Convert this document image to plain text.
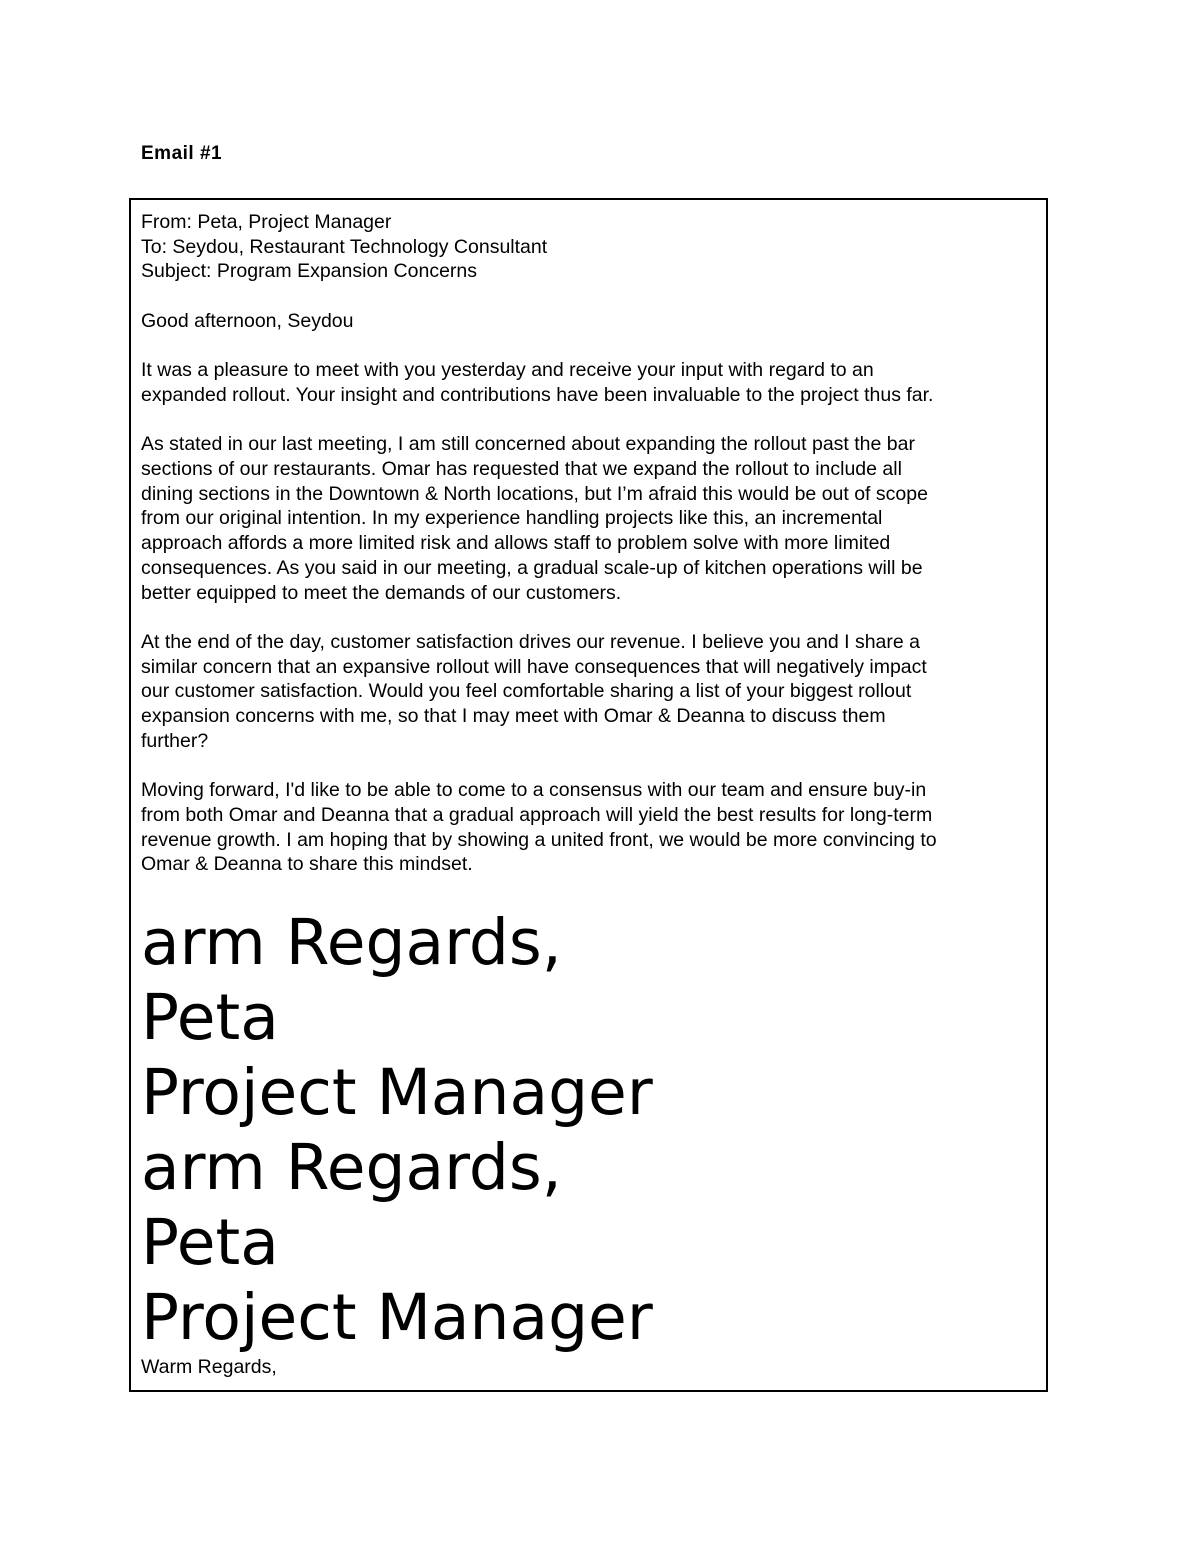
Email #1
From: Peta, Project Manager
To: Seydou, Restaurant Technology Consultant
Subject: Program Expansion Concerns
Good afternoon, Seydou
It was a pleasure to meet with you yesterday and receive your input with regard to an
expanded rollout. Your insight and contributions have been invaluable to the project thus far.
As stated in our last meeting, I am still concerned about expanding the rollout past the bar
sections of our restaurants. Omar has requested that we expand the rollout to include all
dining sections in the Downtown & North locations, but I’m afraid this would be out of scope
from our original intention. In my experience handling projects like this, an incremental
approach affords a more limited risk and allows staff to problem solve with more limited
consequences. As you said in our meeting, a gradual scale-up of kitchen operations will be
better equipped to meet the demands of our customers.
At the end of the day, customer satisfaction drives our revenue. I believe you and I share a
similar concern that an expansive rollout will have consequences that will negatively impact
our customer satisfaction. Would you feel comfortable sharing a list of your biggest rollout
expansion concerns with me, so that I may meet with Omar & Deanna to discuss them
further?
Moving forward, I'd like to be able to come to a consensus with our team and ensure buy-in
from both Omar and Deanna that a gradual approach will yield the best results for long-term
revenue growth. I am hoping that by showing a united front, we would be more convincing to
Omar & Deanna to share this mindset.
arm Regards,
Peta
Project Manager
arm Regards,
Peta
Project Manager
Warm Regards,
